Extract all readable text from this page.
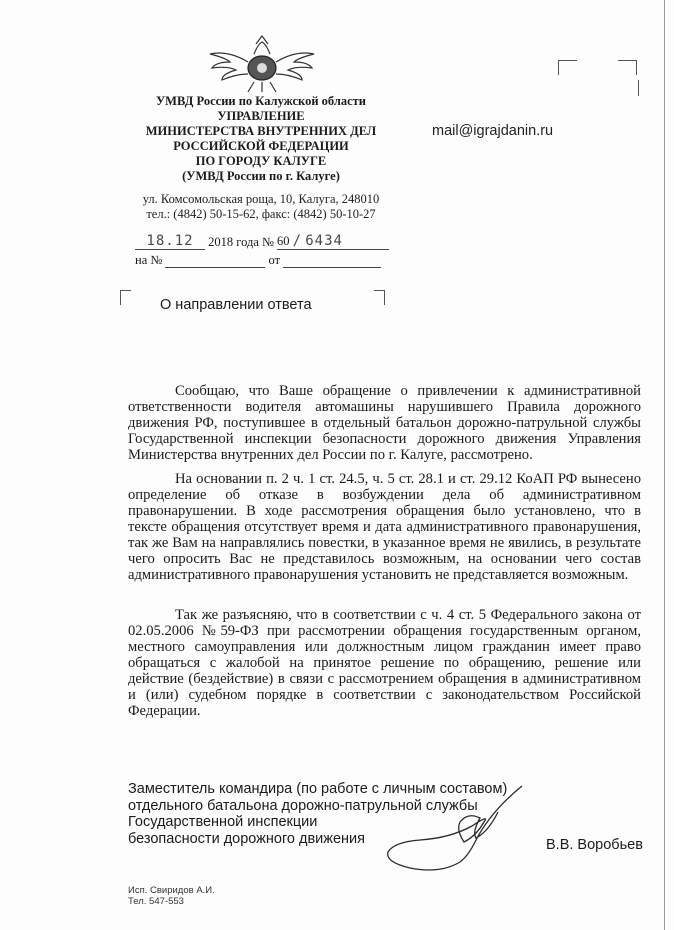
УМВД России по Калужской области
УПРАВЛЕНИЕ
МИНИСТЕРСТВА ВНУТРЕННИХ ДЕЛ
РОССИЙСКОЙ ФЕДЕРАЦИИ
ПО ГОРОДУ КАЛУГЕ
(УМВД России по г. Калуге)
ул. Комсомольская роща, 10, Калуга, 248010
тел.: (4842) 50-15-62, факс: (4842) 50-10-27
mail@igrajdanin.ru
18.12 2018 года № 60 / 6434
на №	от
О направлении ответа

Сообщаю, что Ваше обращение о привлечении к административной ответственности водителя автомашины нарушившего Правила дорожного движения РФ, поступившее в отдельный батальон дорожно-патрульной службы Государственной инспекции безопасности дорожного движения Управления Министерства внутренних дел России по г. Калуге, рассмотрено.

На основании п. 2 ч. 1 ст. 24.5, ч. 5 ст. 28.1 и ст. 29.12 КоАП РФ вынесено определение об отказе в возбуждении дела об административном правонарушении. В ходе рассмотрения обращения было установлено, что в тексте обращения отсутствует время и дата административного правонарушения, так же Вам на направлялись повестки, в указанное время не явились, в результате чего опросить Вас не представилось возможным, на основании чего состав административного правонарушения установить не представляется возможным.

Так же разъясняю, что в соответствии с ч. 4 ст. 5 Федерального закона от 02.05.2006 №59-ФЗ при рассмотрении обращения государственным органом, местного самоуправления или должностным лицом гражданин имеет право обращаться с жалобой на принятое решение по обращению, решение или действие (бездействие) в связи с рассмотрением обращения в административном и (или) судебном порядке в соответствии с законодательством Российской Федерации.

Заместитель командира (по работе с личным составом)
отдельного батальона дорожно-патрульной службы
Государственной инспекции
безопасности дорожного движения	В.В. Воробьев
Исп. Свиридов А.И.
Тел. 547-553
